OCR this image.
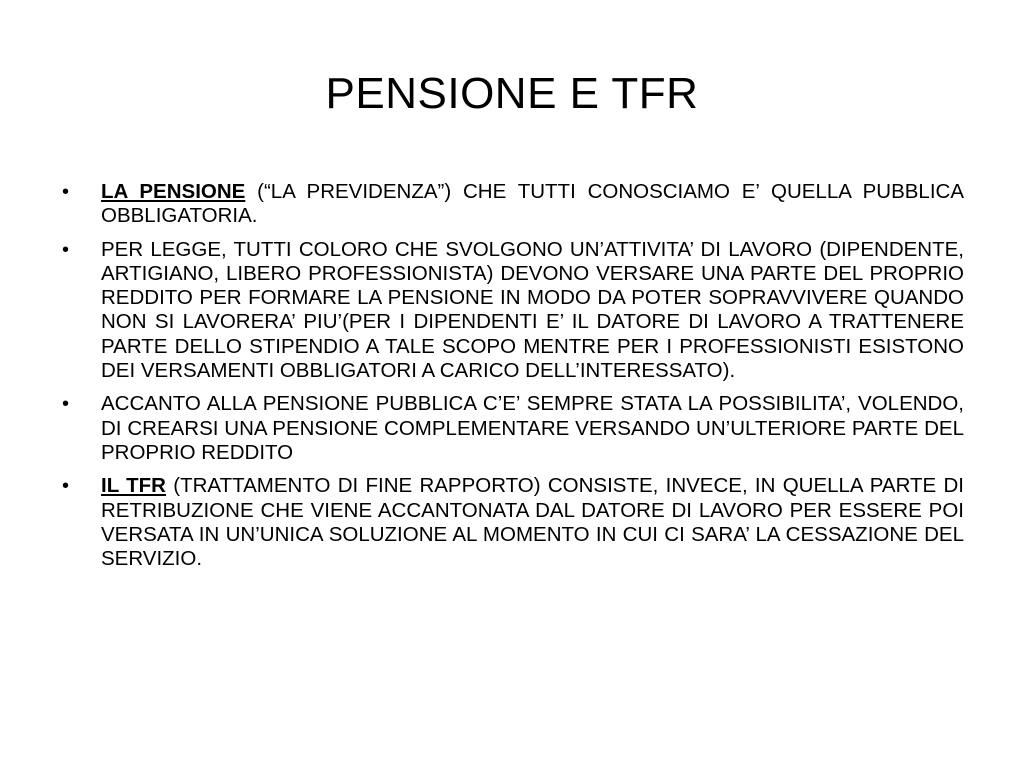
PENSIONE E TFR
•	LA PENSIONE (“LA PREVIDENZA”) CHE TUTTI CONOSCIAMO E’ QUELLA PUBBLICA OBBLIGATORIA.
•	PER LEGGE, TUTTI COLORO CHE SVOLGONO UN’ATTIVITA’ DI LAVORO (DIPENDENTE, ARTIGIANO, LIBERO PROFESSIONISTA) DEVONO VERSARE UNA PARTE DEL PROPRIO REDDITO PER FORMARE LA PENSIONE IN MODO DA POTER SOPRAVVIVERE QUANDO NON SI LAVORERA’ PIU’(PER I DIPENDENTI E’ IL DATORE DI LAVORO A TRATTENERE PARTE DELLO STIPENDIO A TALE SCOPO MENTRE PER I PROFESSIONISTI ESISTONO DEI VERSAMENTI OBBLIGATORI A CARICO DELL’INTERESSATO).
•	ACCANTO ALLA PENSIONE PUBBLICA C’E’ SEMPRE STATA LA POSSIBILITA’, VOLENDO, DI CREARSI UNA PENSIONE COMPLEMENTARE VERSANDO UN’ULTERIORE PARTE DEL PROPRIO REDDITO
•	IL TFR (TRATTAMENTO DI FINE RAPPORTO) CONSISTE, INVECE, IN QUELLA PARTE DI RETRIBUZIONE CHE VIENE ACCANTONATA DAL DATORE DI LAVORO PER ESSERE POI VERSATA IN UN’UNICA SOLUZIONE AL MOMENTO IN CUI CI SARA’ LA CESSAZIONE DEL SERVIZIO.
